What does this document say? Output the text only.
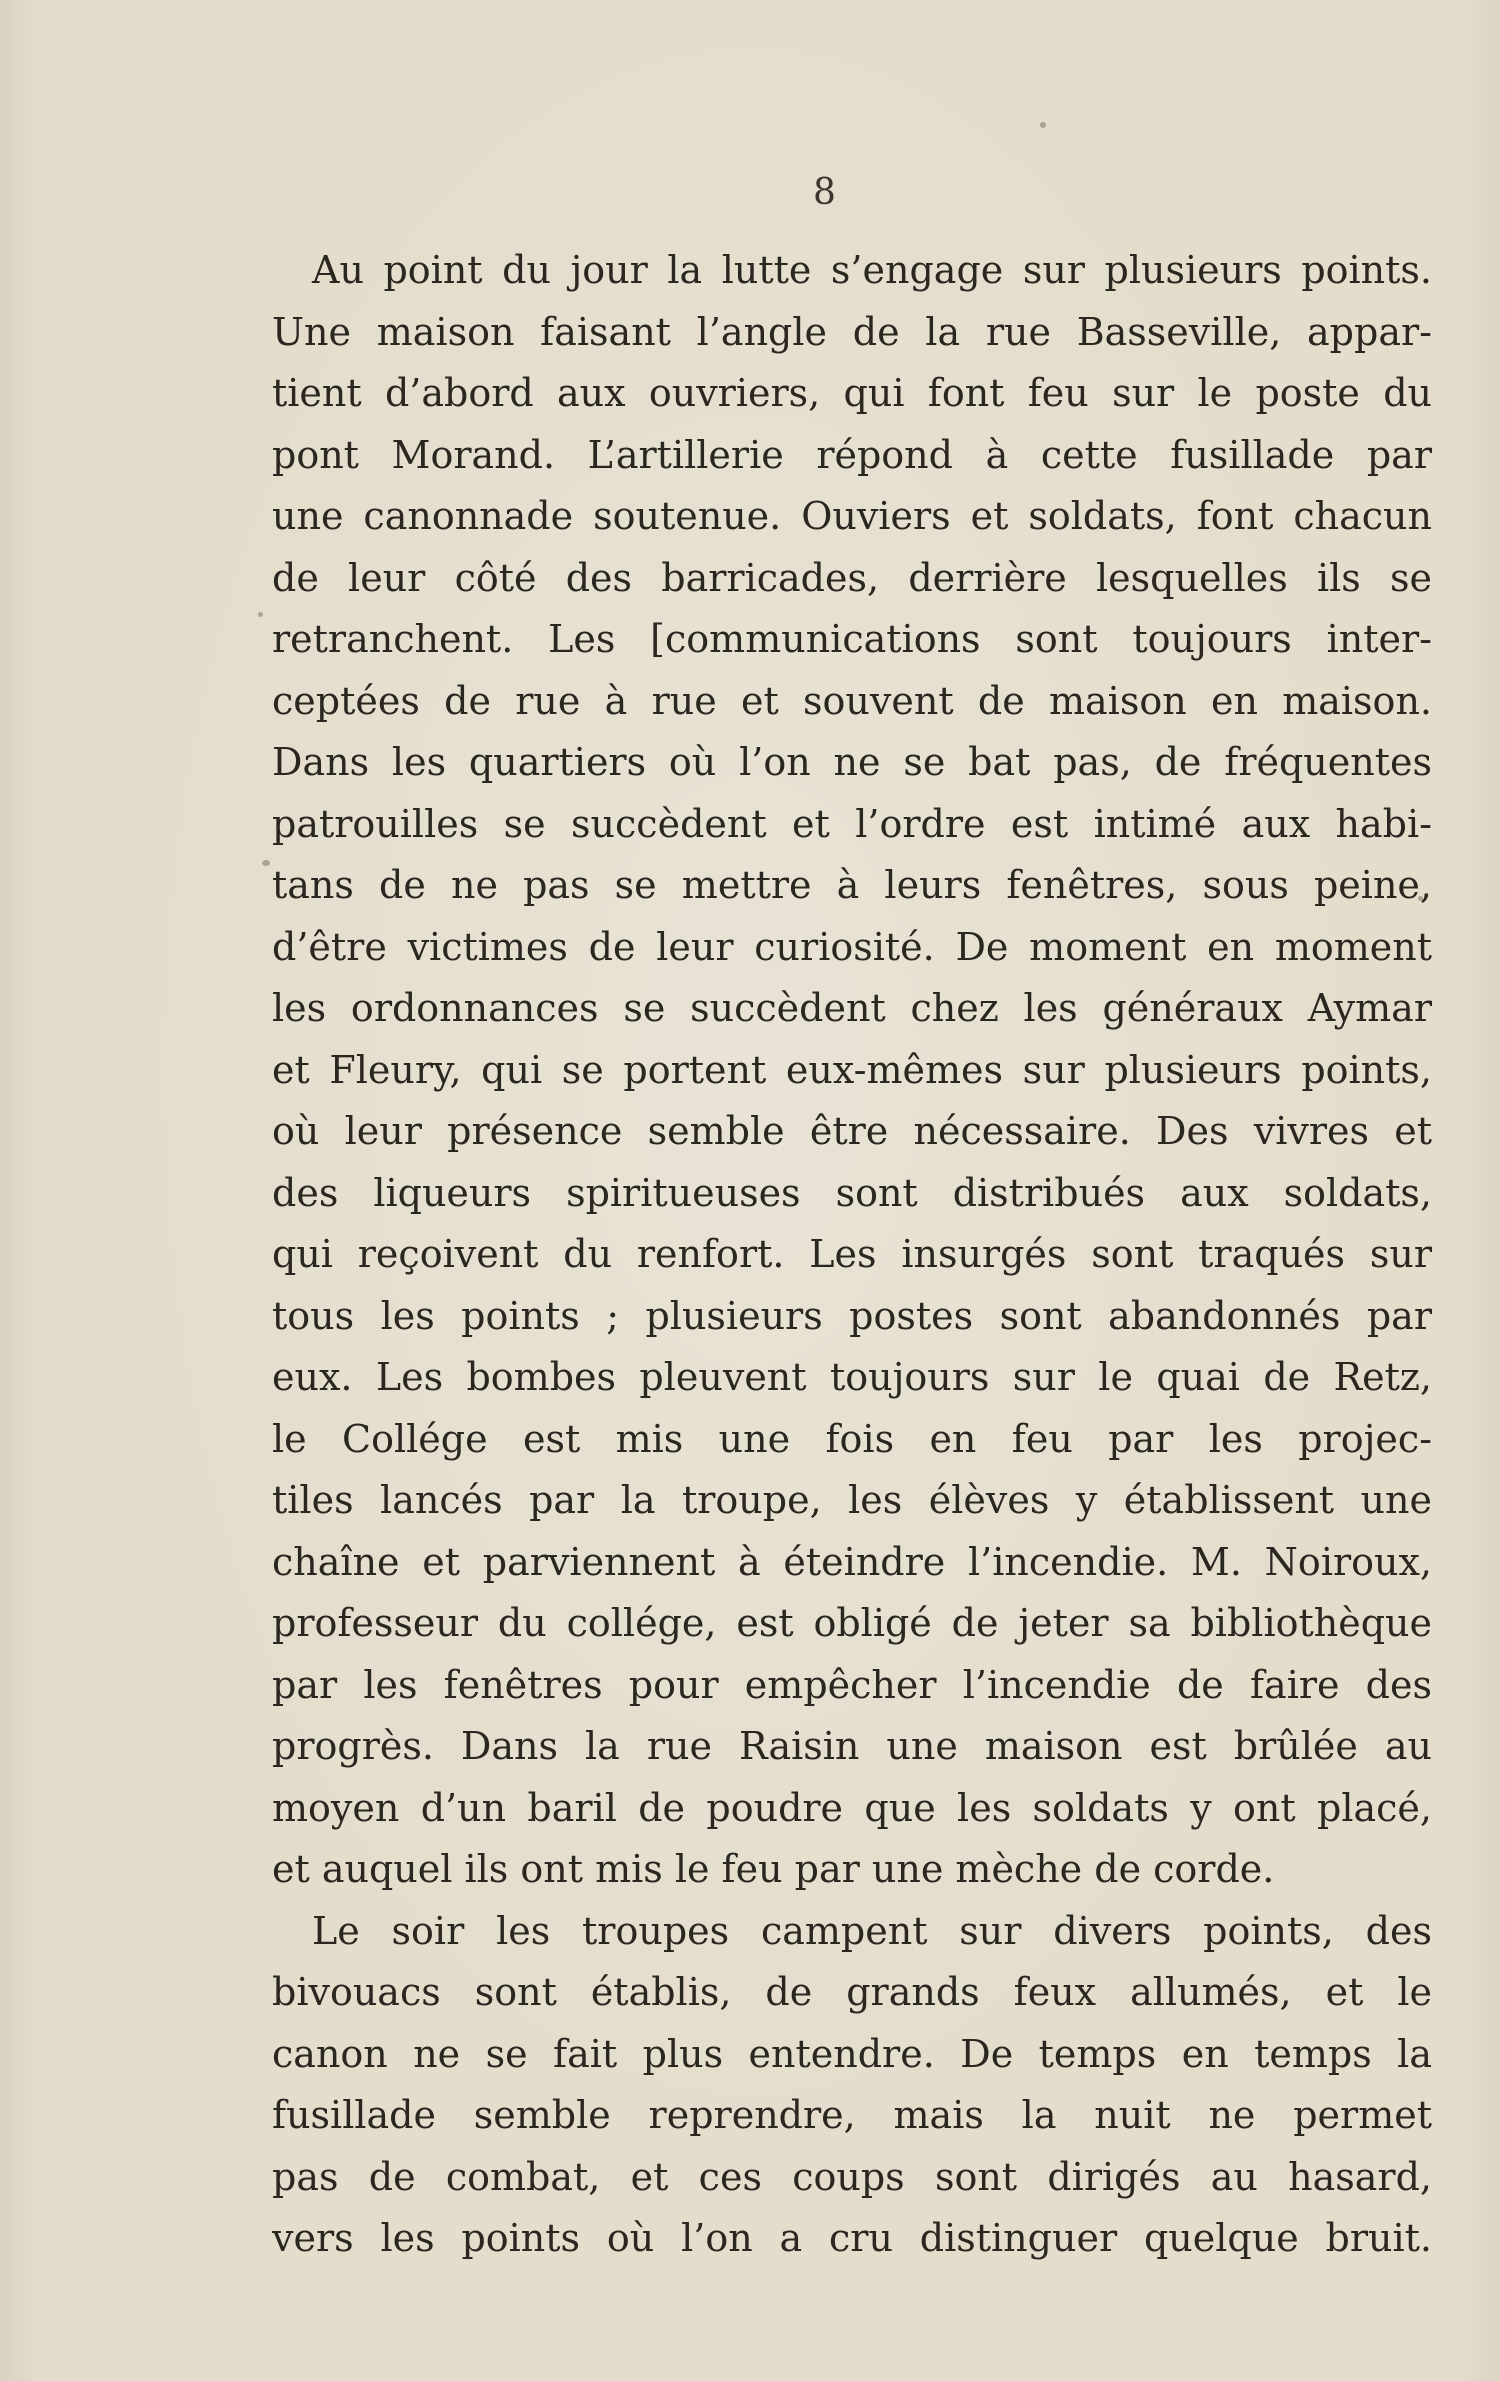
8

Au point du jour la lutte s’engage sur plusieurs points.
Une maison faisant l’angle de la rue Basseville, appar-
tient d’abord aux ouvriers, qui font feu sur le poste du
pont Morand. L’artillerie répond à cette fusillade par
une canonnade soutenue. Ouviers et soldats, font chacun
de leur côté des barricades, derrière lesquelles ils se
retranchent. Les [communications sont toujours inter-
ceptées de rue à rue et souvent de maison en maison.
Dans les quartiers où l’on ne se bat pas, de fréquentes
patrouilles se succèdent et l’ordre est intimé aux habi-
tans de ne pas se mettre à leurs fenêtres, sous peine,
d’être victimes de leur curiosité. De moment en moment
les ordonnances se succèdent chez les généraux Aymar
et Fleury, qui se portent eux-mêmes sur plusieurs points,
où leur présence semble être nécessaire. Des vivres et
des liqueurs spiritueuses sont distribués aux soldats,
qui reçoivent du renfort. Les insurgés sont traqués sur
tous les points ; plusieurs postes sont abandonnés par
eux. Les bombes pleuvent toujours sur le quai de Retz,
le Collége est mis une fois en feu par les projec-
tiles lancés par la troupe, les élèves y établissent une
chaîne et parviennent à éteindre l’incendie. M. Noiroux,
professeur du collége, est obligé de jeter sa bibliothèque
par les fenêtres pour empêcher l’incendie de faire des
progrès. Dans la rue Raisin une maison est brûlée au
moyen d’un baril de poudre que les soldats y ont placé,
et auquel ils ont mis le feu par une mèche de corde.

Le soir les troupes campent sur divers points, des
bivouacs sont établis, de grands feux allumés, et le
canon ne se fait plus entendre. De temps en temps la
fusillade semble reprendre, mais la nuit ne permet
pas de combat, et ces coups sont dirigés au hasard,
vers les points où l’on a cru distinguer quelque bruit.
